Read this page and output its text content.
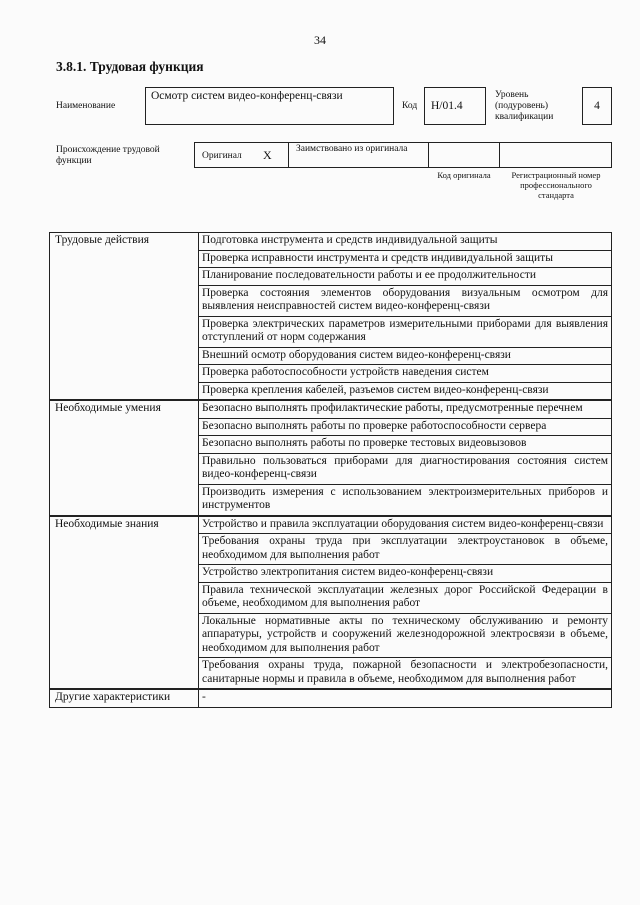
34
3.8.1. Трудовая функция
Наименование
Осмотр систем видео-конференц-связи
Код	Н/01.4
Уровень
(подуровень)
квалификации
4
Происхождение трудовой функции	Оригинал X	Заимствовано из оригинала
Код оригинала	Регистрационный номер профессионального стандарта
Трудовые действия	Подготовка инструмента и средств индивидуальной защиты
	Проверка исправности инструмента и средств индивидуальной защиты
	Планирование последовательности работы и ее продолжительности
	Проверка состояния элементов оборудования визуальным осмотром для выявления неисправностей систем видео-конференц-связи
	Проверка электрических параметров измерительными приборами для выявления отступлений от норм содержания
	Внешний осмотр оборудования систем видео-конференц-связи
	Проверка работоспособности устройств наведения систем
	Проверка крепления кабелей, разъемов систем видео-конференц-связи
Необходимые умения	Безопасно выполнять профилактические работы, предусмотренные перечнем
	Безопасно выполнять работы по проверке работоспособности сервера
	Безопасно выполнять работы по проверке тестовых видеовызовов
	Правильно пользоваться приборами для диагностирования состояния систем видео-конференц-связи
	Производить измерения с использованием электроизмерительных приборов и инструментов
Необходимые знания	Устройство и правила эксплуатации оборудования систем видео-конференц-связи
	Требования охраны труда при эксплуатации электроустановок в объеме, необходимом для выполнения работ
	Устройство электропитания систем видео-конференц-связи
	Правила технической эксплуатации железных дорог Российской Федерации в объеме, необходимом для выполнения работ
	Локальные нормативные акты по техническому обслуживанию и ремонту аппаратуры, устройств и сооружений железнодорожной электросвязи в объеме, необходимом для выполнения работ
	Требования охраны труда, пожарной безопасности и электробезопасности, санитарные нормы и правила в объеме, необходимом для выполнения работ
Другие характеристики	-
